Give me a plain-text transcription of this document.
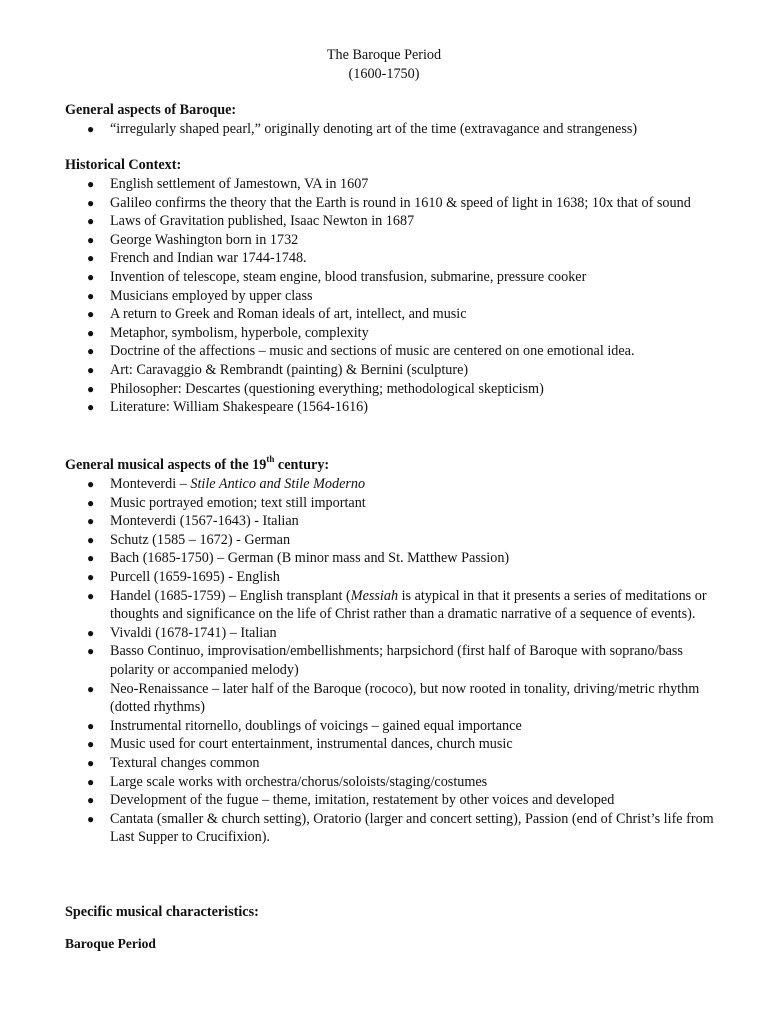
The Baroque Period
(1600-1750)
General aspects of Baroque:
● “irregularly shaped pearl,” originally denoting art of the time (extravagance and strangeness)
Historical Context:
● English settlement of Jamestown, VA in 1607
● Galileo confirms the theory that the Earth is round in 1610 & speed of light in 1638; 10x that of sound
● Laws of Gravitation published, Isaac Newton in 1687
● George Washington born in 1732
● French and Indian war 1744-1748.
● Invention of telescope, steam engine, blood transfusion, submarine, pressure cooker
● Musicians employed by upper class
● A return to Greek and Roman ideals of art, intellect, and music
● Metaphor, symbolism, hyperbole, complexity
● Doctrine of the affections – music and sections of music are centered on one emotional idea.
● Art: Caravaggio & Rembrandt (painting) & Bernini (sculpture)
● Philosopher: Descartes (questioning everything; methodological skepticism)
● Literature: William Shakespeare (1564-1616)
General musical aspects of the 19th century:
● Monteverdi – Stile Antico and Stile Moderno
● Music portrayed emotion; text still important
● Monteverdi (1567-1643) - Italian
● Schutz (1585 – 1672) - German
● Bach (1685-1750) – German (B minor mass and St. Matthew Passion)
● Purcell (1659-1695) - English
● Handel (1685-1759) – English transplant (Messiah is atypical in that it presents a series of meditations or thoughts and significance on the life of Christ rather than a dramatic narrative of a sequence of events).
● Vivaldi (1678-1741) – Italian
● Basso Continuo, improvisation/embellishments; harpsichord (first half of Baroque with soprano/bass polarity or accompanied melody)
● Neo-Renaissance – later half of the Baroque (rococo), but now rooted in tonality, driving/metric rhythm (dotted rhythms)
● Instrumental ritornello, doublings of voicings – gained equal importance
● Music used for court entertainment, instrumental dances, church music
● Textural changes common
● Large scale works with orchestra/chorus/soloists/staging/costumes
● Development of the fugue – theme, imitation, restatement by other voices and developed
● Cantata (smaller & church setting), Oratorio (larger and concert setting), Passion (end of Christ’s life from Last Supper to Crucifixion).
Specific musical characteristics:
Baroque Period
